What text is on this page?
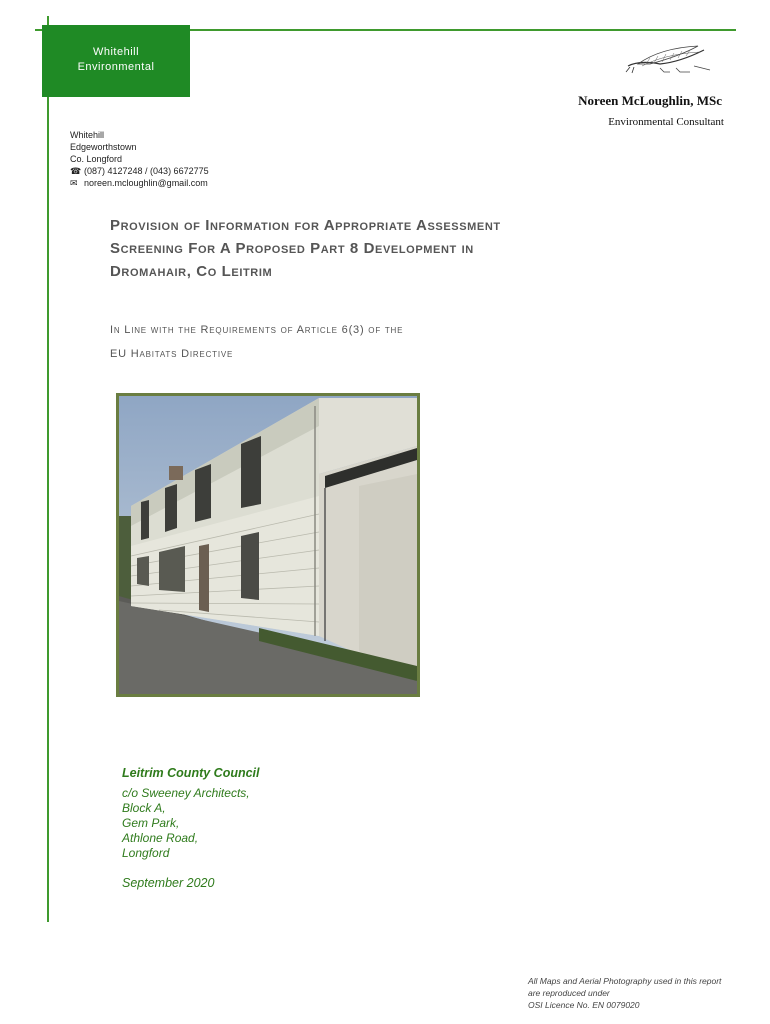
Whitehill
Environmental
Noreen McLoughlin, MSc
Environmental Consultant
Whitehill
Edgeworthstown
Co. Longford
☎ (087) 4127248 / (043) 6672775
✉ noreen.mcloughlin@gmail.com
Provision of Information for Appropriate Assessment
Screening For A Proposed Part 8 Development in
Dromahair, Co Leitrim
In Line with the Requirements of Article 6(3) of the
EU Habitats Directive
Leitrim County Council
c/o Sweeney Architects,
Block A,
Gem Park,
Athlone Road,
Longford
September 2020
All Maps and Aerial Photography used in this report
are reproduced under
OSI Licence No. EN 0079020
